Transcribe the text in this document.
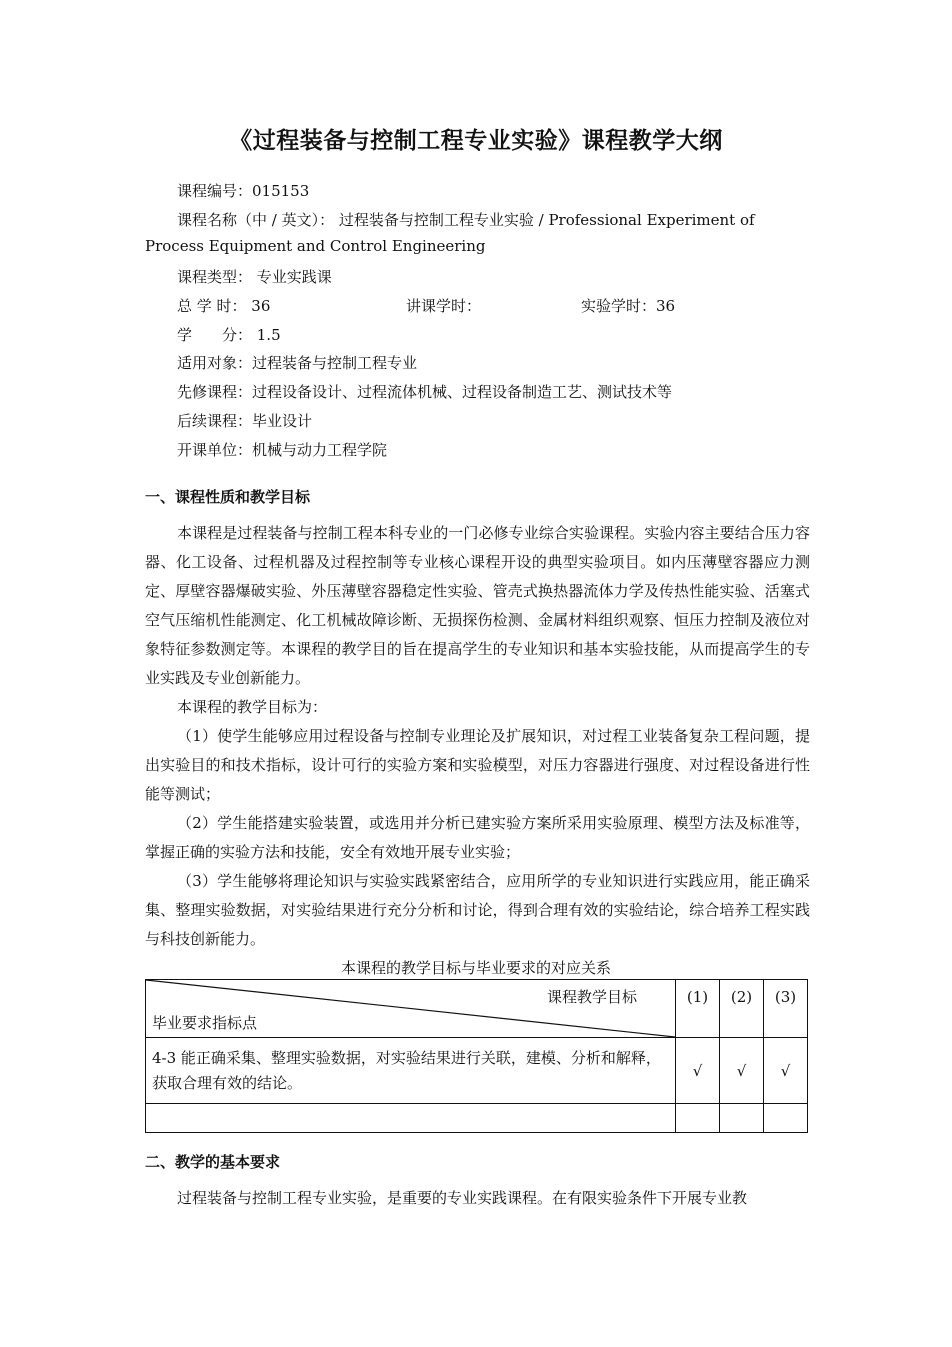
《过程装备与控制工程专业实验》课程教学大纲
课程编号：015153
课程名称（中 / 英文）： 过程装备与控制工程专业实验 / Professional Experiment of
Process Equipment and Control Engineering
课程类型： 专业实践课
总 学 时： 36	讲课学时：	实验学时：36
学　　分： 1.5
适用对象：过程装备与控制工程专业
先修课程：过程设备设计、过程流体机械、过程设备制造工艺、测试技术等
后续课程：毕业设计
开课单位：机械与动力工程学院
一、课程性质和教学目标

本课程是过程装备与控制工程本科专业的一门必修专业综合实验课程。实验内容主要结合压力容器、化工设备、过程机器及过程控制等专业核心课程开设的典型实验项目。如内压薄壁容器应力测定、厚壁容器爆破实验、外压薄壁容器稳定性实验、管壳式换热器流体力学及传热性能实验、活塞式空气压缩机性能测定、化工机械故障诊断、无损探伤检测、金属材料组织观察、恒压力控制及液位对象特征参数测定等。本课程的教学目的旨在提高学生的专业知识和基本实验技能，从而提高学生的专业实践及专业创新能力。

本课程的教学目标为：

（1）使学生能够应用过程设备与控制专业理论及扩展知识，对过程工业装备复杂工程问题，提出实验目的和技术指标，设计可行的实验方案和实验模型，对压力容器进行强度、对过程设备进行性能等测试；

（2）学生能搭建实验装置，或选用并分析已建实验方案所采用实验原理、模型方法及标准等，掌握正确的实验方法和技能，安全有效地开展专业实验；

（3）学生能够将理论知识与实验实践紧密结合，应用所学的专业知识进行实践应用，能正确采集、整理实验数据，对实验结果进行充分分析和讨论，得到合理有效的实验结论，综合培养工程实践与科技创新能力。

本课程的教学目标与毕业要求的对应关系
课程教学目标
毕业要求指标点	(1)	(2)	(3)
4-3 能正确采集、整理实验数据，对实验结果进行关联，建模、分析和解释，获取合理有效的结论。	√	√	√

二、教学的基本要求

过程装备与控制工程专业实验，是重要的专业实践课程。在有限实验条件下开展专业教
